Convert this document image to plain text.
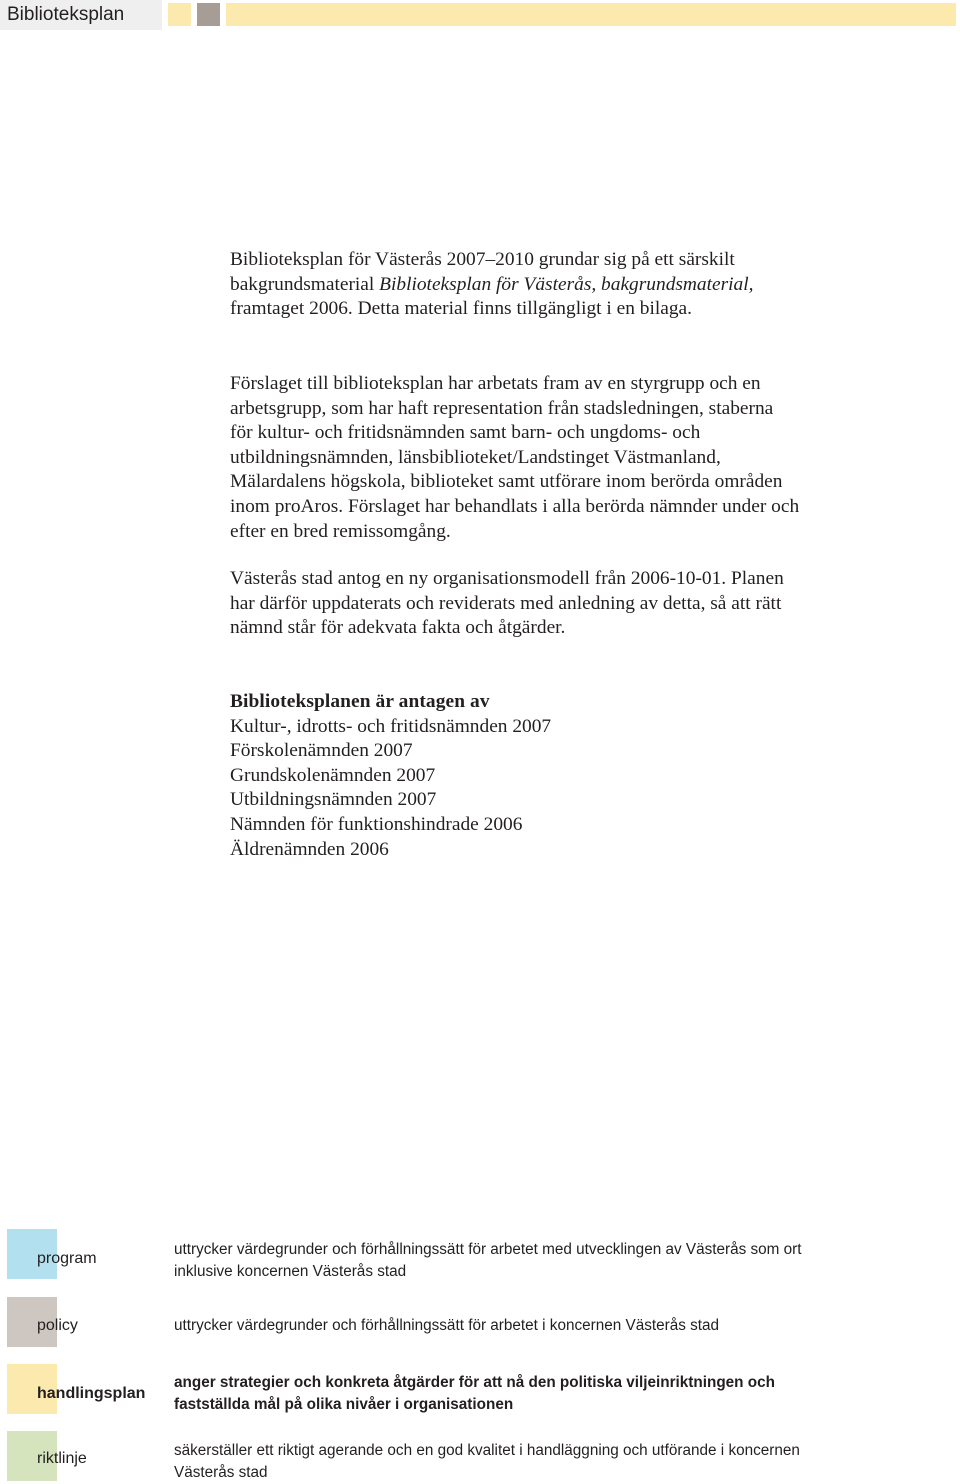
Biblioteksplan

Biblioteksplan för Västerås 2007–2010 grundar sig på ett särskilt bakgrundsmaterial Biblioteksplan för Västerås, bakgrundsmaterial, framtaget 2006. Detta material finns tillgängligt i en bilaga.

Förslaget till biblioteksplan har arbetats fram av en styrgrupp och en arbetsgrupp, som har haft representation från stadsledningen, staberna för kultur- och fritidsnämnden samt barn- och ungdoms- och utbildningsnämnden, länsbiblioteket/Landstinget Västmanland, Mälardalens högskola, biblioteket samt utförare inom berörda områden inom proAros. Förslaget har behandlats i alla berörda nämnder under och efter en bred remissomgång.

Västerås stad antog en ny organisationsmodell från 2006-10-01. Planen har därför uppdaterats och reviderats med anledning av detta, så att rätt nämnd står för adekvata fakta och åtgärder.

Biblioteksplanen är antagen av

Kultur-, idrotts- och fritidsnämnden 2007
Förskolenämnden 2007
Grundskolenämnden 2007
Utbildningsnämnden 2007
Nämnden för funktionshindrade 2006
Äldrenämnden 2006
program
uttrycker värdegrunder och förhållningssätt för arbetet med utvecklingen av Västerås som ort inklusive koncernen Västerås stad
policy	uttrycker värdegrunder och förhållningssätt för arbetet i koncernen Västerås stad
handlingsplan
anger strategier och konkreta åtgärder för att nå den politiska viljeinriktningen och fastställda mål på olika nivåer i organisationen
riktlinje	säkerställer ett riktigt agerande och en god kvalitet i handläggning och utförande i koncernen Västerås stad
